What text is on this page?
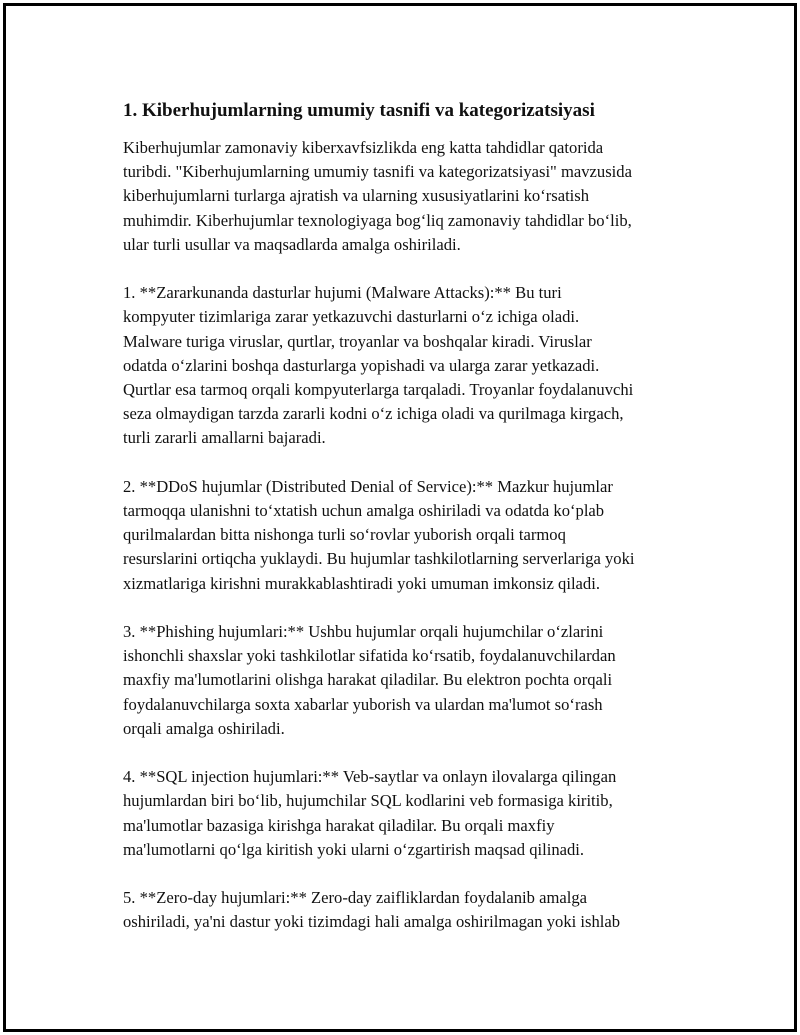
1. Kiberhujumlarning umumiy tasnifi va kategorizatsiyasi

Kiberhujumlar zamonaviy kiberxavfsizlikda eng katta tahdidlar qatorida
turibdi. "Kiberhujumlarning umumiy tasnifi va kategorizatsiyasi" mavzusida
kiberhujumlarni turlarga ajratish va ularning xususiyatlarini ko‘rsatish
muhimdir. Kiberhujumlar texnologiyaga bog‘liq zamonaviy tahdidlar bo‘lib,
ular turli usullar va maqsadlarda amalga oshiriladi.

1. **Zararkunanda dasturlar hujumi (Malware Attacks):** Bu turi
kompyuter tizimlariga zarar yetkazuvchi dasturlarni o‘z ichiga oladi.
Malware turiga viruslar, qurtlar, troyanlar va boshqalar kiradi. Viruslar
odatda o‘zlarini boshqa dasturlarga yopishadi va ularga zarar yetkazadi.
Qurtlar esa tarmoq orqali kompyuterlarga tarqaladi. Troyanlar foydalanuvchi
seza olmaydigan tarzda zararli kodni o‘z ichiga oladi va qurilmaga kirgach,
turli zararli amallarni bajaradi.

2. **DDoS hujumlar (Distributed Denial of Service):** Mazkur hujumlar
tarmoqqa ulanishni to‘xtatish uchun amalga oshiriladi va odatda ko‘plab
qurilmalardan bitta nishonga turli so‘rovlar yuborish orqali tarmoq
resurslarini ortiqcha yuklaydi. Bu hujumlar tashkilotlarning serverlariga yoki
xizmatlariga kirishni murakkablashtiradi yoki umuman imkonsiz qiladi.

3. **Phishing hujumlari:** Ushbu hujumlar orqali hujumchilar o‘zlarini
ishonchli shaxslar yoki tashkilotlar sifatida ko‘rsatib, foydalanuvchilardan
maxfiy ma'lumotlarini olishga harakat qiladilar. Bu elektron pochta orqali
foydalanuvchilarga soxta xabarlar yuborish va ulardan ma'lumot so‘rash
orqali amalga oshiriladi.

4. **SQL injection hujumlari:** Veb-saytlar va onlayn ilovalarga qilingan
hujumlardan biri bo‘lib, hujumchilar SQL kodlarini veb formasiga kiritib,
ma'lumotlar bazasiga kirishga harakat qiladilar. Bu orqali maxfiy
ma'lumotlarni qo‘lga kiritish yoki ularni o‘zgartirish maqsad qilinadi.

5. **Zero-day hujumlari:** Zero-day zaifliklardan foydalanib amalga
oshiriladi, ya'ni dastur yoki tizimdagi hali amalga oshirilmagan yoki ishlab
